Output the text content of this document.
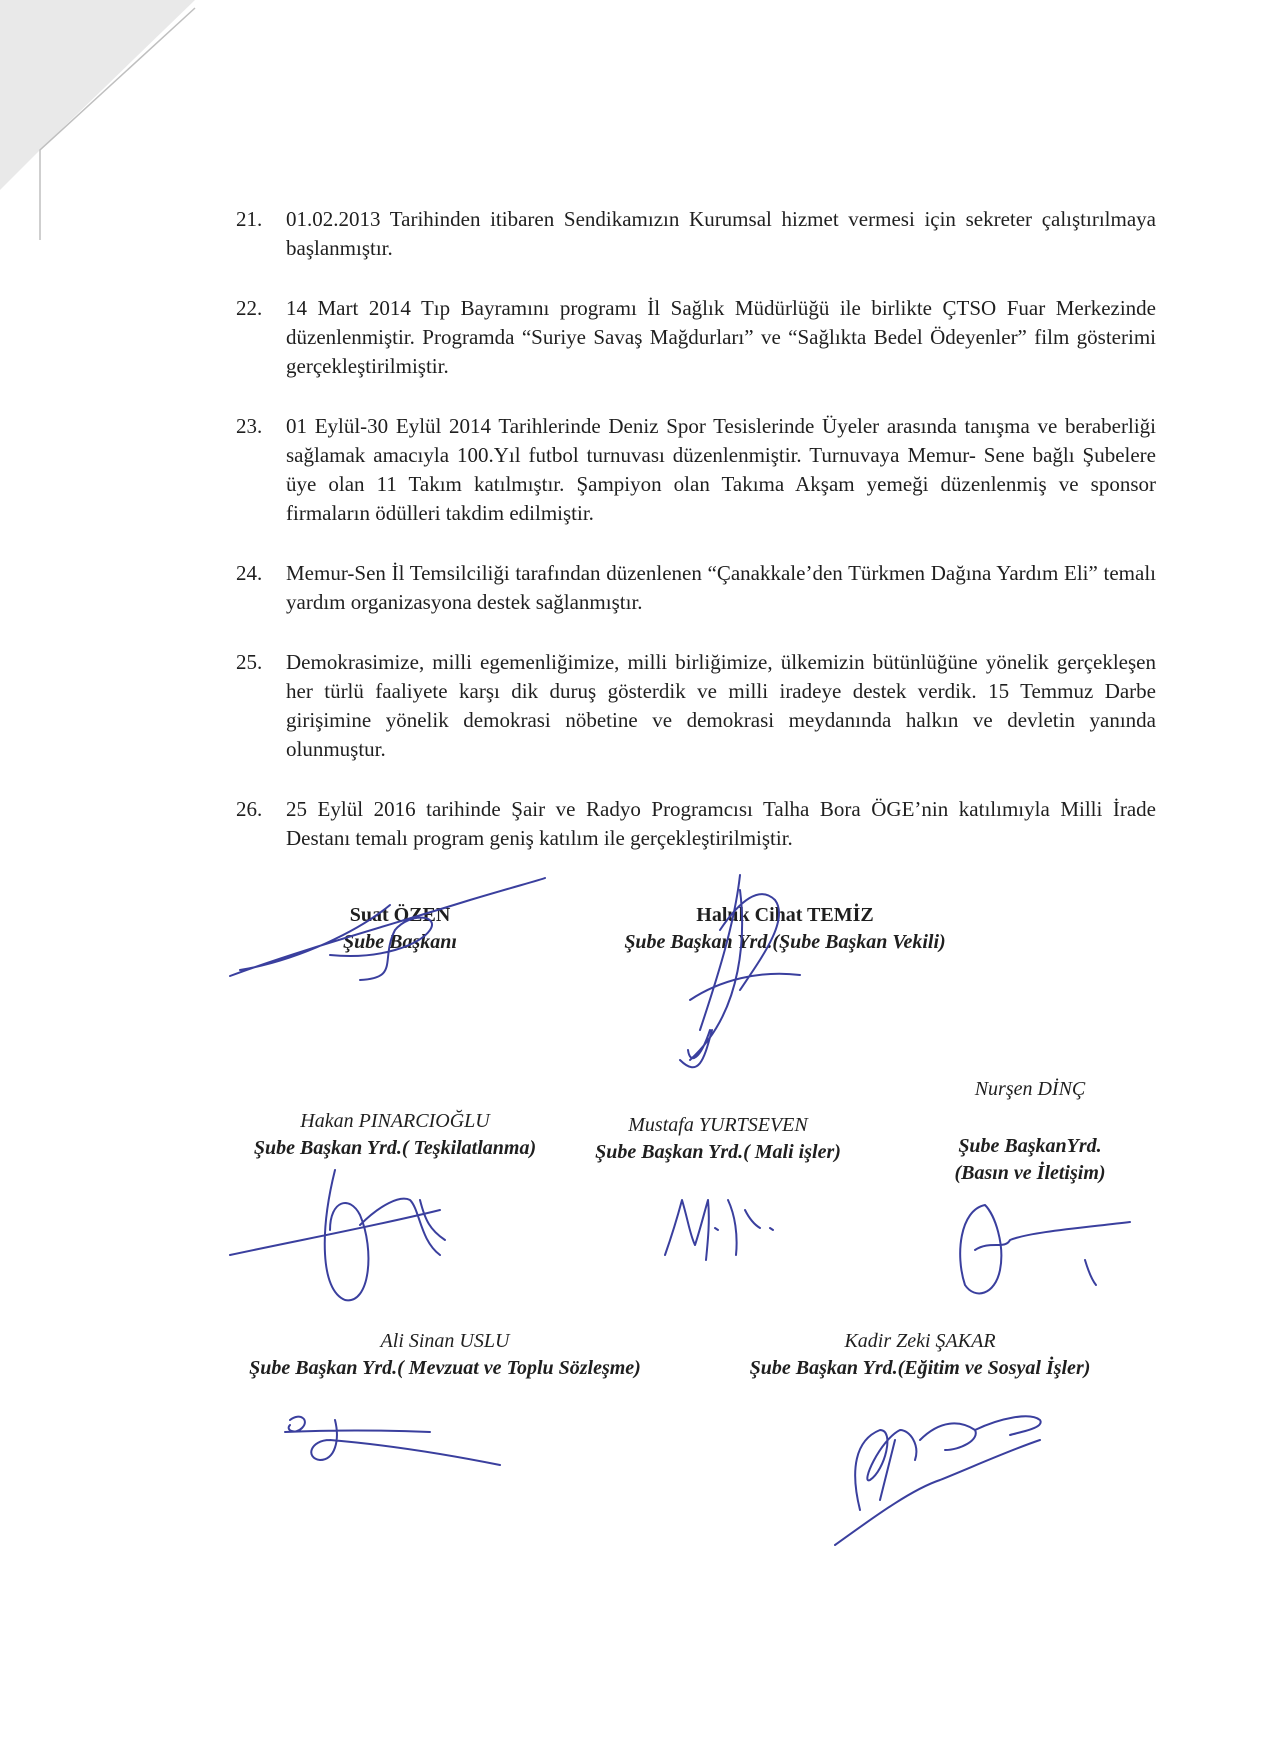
21. 01.02.2013 Tarihinden itibaren Sendikamızın Kurumsal hizmet vermesi için sekreter çalıştırılmaya başlanmıştır.
22. 14 Mart 2014 Tıp Bayramını programı İl Sağlık Müdürlüğü ile birlikte ÇTSO Fuar Merkezinde düzenlenmiştir. Programda “Suriye Savaş Mağdurları” ve “Sağlıkta Bedel Ödeyenler” film gösterimi gerçekleştirilmiştir.
23. 01 Eylül-30 Eylül 2014 Tarihlerinde Deniz Spor Tesislerinde Üyeler arasında tanışma ve beraberliği sağlamak amacıyla 100.Yıl futbol turnuvası düzenlenmiştir. Turnuvaya Memur- Sene bağlı Şubelere üye olan 11 Takım katılmıştır. Şampiyon olan Takıma Akşam yemeği düzenlenmiş ve sponsor firmaların ödülleri takdim edilmiştir.
24. Memur-Sen İl Temsilciliği tarafından düzenlenen “Çanakkale’den Türkmen Dağına Yardım Eli” temalı yardım organizasyona destek sağlanmıştır.
25. Demokrasimize, milli egemenliğimize, milli birliğimize, ülkemizin bütünlüğüne yönelik gerçekleşen her türlü faaliyete karşı dik duruş gösterdik ve milli iradeye destek verdik. 15 Temmuz Darbe girişimine yönelik demokrasi nöbetine ve demokrasi meydanında halkın ve devletin yanında olunmuştur.
26. 25 Eylül 2016 tarihinde Şair ve Radyo Programcısı Talha Bora ÖGE’nin katılımıyla Milli İrade Destanı temalı program geniş katılım ile gerçekleştirilmiştir.
Suat ÖZEN
Şube Başkanı
Haluk Cihat TEMİZ
Şube Başkan Yrd.(Şube Başkan Vekili)
Hakan PINARCIOĞLU
Şube Başkan Yrd.( Teşkilatlanma)
Mustafa YURTSEVEN
Şube Başkan Yrd.( Mali işler)
Nurşen DİNÇ
Şube BaşkanYrd.
(Basın ve İletişim)
Ali Sinan USLU
Şube Başkan Yrd.( Mevzuat ve Toplu Sözleşme)
Kadir Zeki ŞAKAR
Şube Başkan Yrd.(Eğitim ve Sosyal İşler)
